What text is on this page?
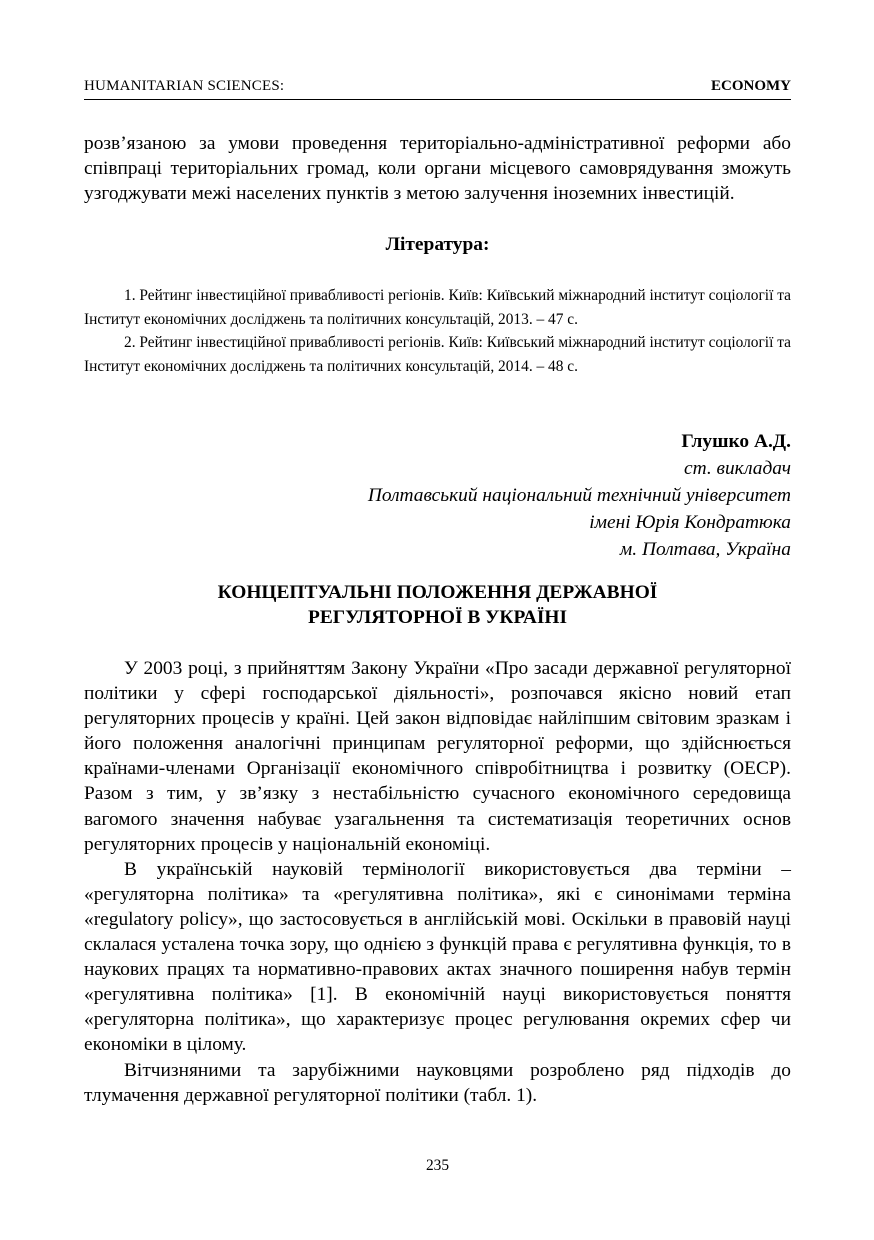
HUMANITARIAN SCIENCES:	ECONOMY

розв’язаною за умови проведення територіально-адміністративної реформи або співпраці територіальних громад, коли органи місцевого самоврядування зможуть узгоджувати межі населених пунктів з метою залучення іноземних інвестицій.

Література:
1. Рейтинг інвестиційної привабливості регіонів. Київ: Київський міжнародний інститут соціології та Інститут економічних досліджень та політичних консультацій, 2013. – 47 с.
2. Рейтинг інвестиційної привабливості регіонів. Київ: Київський міжнародний інститут соціології та Інститут економічних досліджень та політичних консультацій, 2014. – 48 с.
Глушко А.Д.
ст. викладач
Полтавський національний технічний університет
імені Юрія Кондратюка
м. Полтава, Україна
КОНЦЕПТУАЛЬНІ ПОЛОЖЕННЯ ДЕРЖАВНОЇ
РЕГУЛЯТОРНОЇ В УКРАЇНІ

У 2003 році, з прийняттям Закону України «Про засади державної регуляторної політики у сфері господарської діяльності», розпочався якісно новий етап регуляторних процесів у країні. Цей закон відповідає найліпшим світовим зразкам і його положення аналогічні принципам регуляторної реформи, що здійснюється країнами-членами Організації економічного співробітництва і розвитку (OECP). Разом з тим, у зв’язку з нестабільністю сучасного економічного середовища вагомого значення набуває узагальнення та систематизація теоретичних основ регуляторних процесів у національній економіці.

В українській науковій термінології використовується два терміни – «регуляторна політика» та «регулятивна політика», які є синонімами терміна «regulatory policy», що застосовується в англійській мові. Оскільки в правовій науці склалася усталена точка зору, що однією з функцій права є регулятивна функція, то в наукових працях та нормативно-правових актах значного поширення набув термін «регулятивна політика» [1]. В економічній науці використовується поняття «регуляторна політика», що характеризує процес регулювання окремих сфер чи економіки в цілому.

Вітчизняними та зарубіжними науковцями розроблено ряд підходів до тлумачення державної регуляторної політики (табл. 1).

235
